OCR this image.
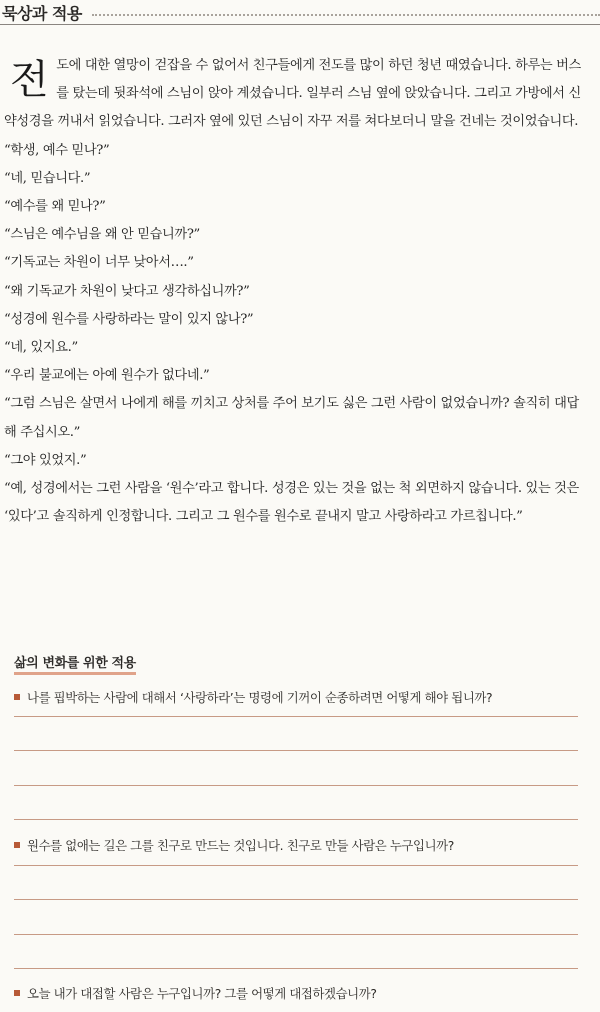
묵상과 적용
전 도에 대한 열망이 걷잡을 수 없어서 친구들에게 전도를 많이 하던 청년 때였습니다. 하루는 버스를 탔는데 뒷좌석에 스님이 앉아 계셨습니다. 일부러 스님 옆에 앉았습니다. 그리고 가방에서 신약성경을 꺼내서 읽었습니다. 그러자 옆에 있던 스님이 자꾸 저를 쳐다보더니 말을 건네는 것이었습니다.

“학생, 예수 믿나?”

“네, 믿습니다.”

“예수를 왜 믿나?”

“스님은 예수님을 왜 안 믿습니까?”

“기독교는 차원이 너무 낮아서….”

“왜 기독교가 차원이 낮다고 생각하십니까?”

“성경에 원수를 사랑하라는 말이 있지 않나?”

“네, 있지요.”

“우리 불교에는 아예 원수가 없다네.”

“그럼 스님은 살면서 나에게 해를 끼치고 상처를 주어 보기도 싫은 그런 사람이 없었습니까? 솔직히 대답해 주십시오.”

“그야 있었지.”

“예, 성경에서는 그런 사람을 ‘원수’라고 합니다. 성경은 있는 것을 없는 척 외면하지 않습니다. 있는 것은 ‘있다’고 솔직하게 인정합니다. 그리고 그 원수를 원수로 끝내지 말고 사랑하라고 가르칩니다.”

삶의 변화를 위한 적용
나를 핍박하는 사람에 대해서 ‘사랑하라’는 명령에 기꺼이 순종하려면 어떻게 해야 됩니까?
원수를 없애는 길은 그를 친구로 만드는 것입니다. 친구로 만들 사람은 누구입니까?
오늘 내가 대접할 사람은 누구입니까? 그를 어떻게 대접하겠습니까?
